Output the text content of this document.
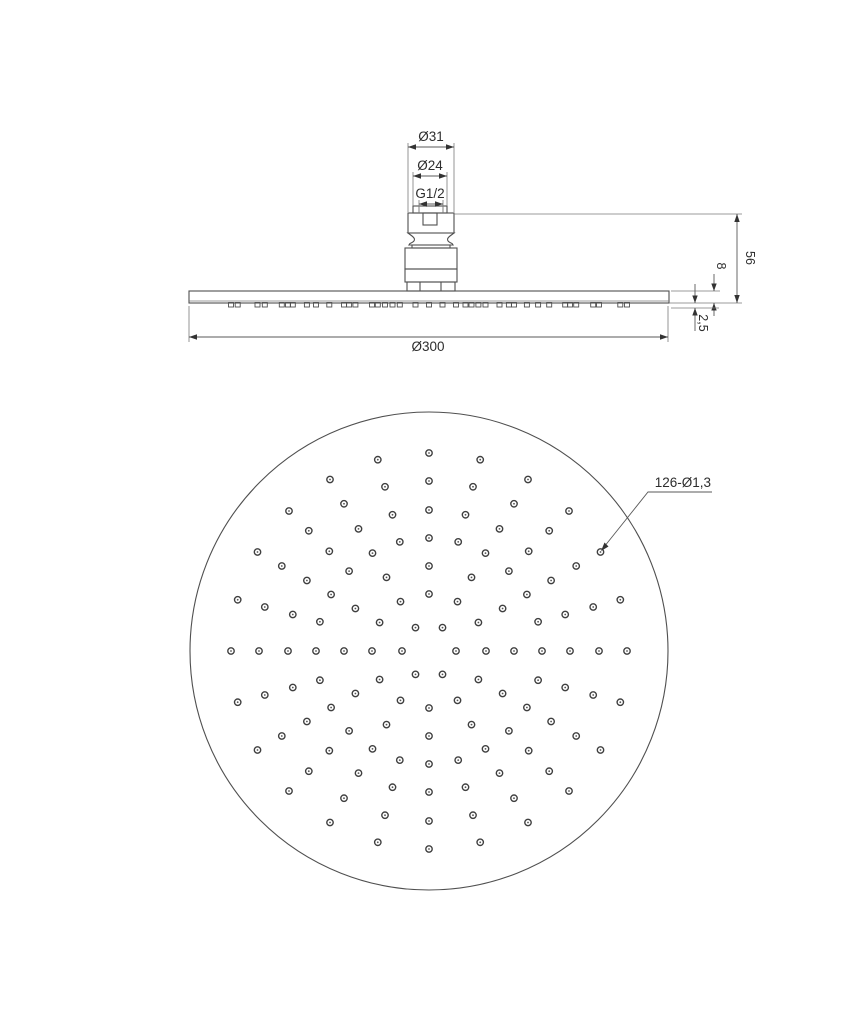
Ø31
Ø24
G1/2
56
8
2,5
Ø300
126-Ø1,3
